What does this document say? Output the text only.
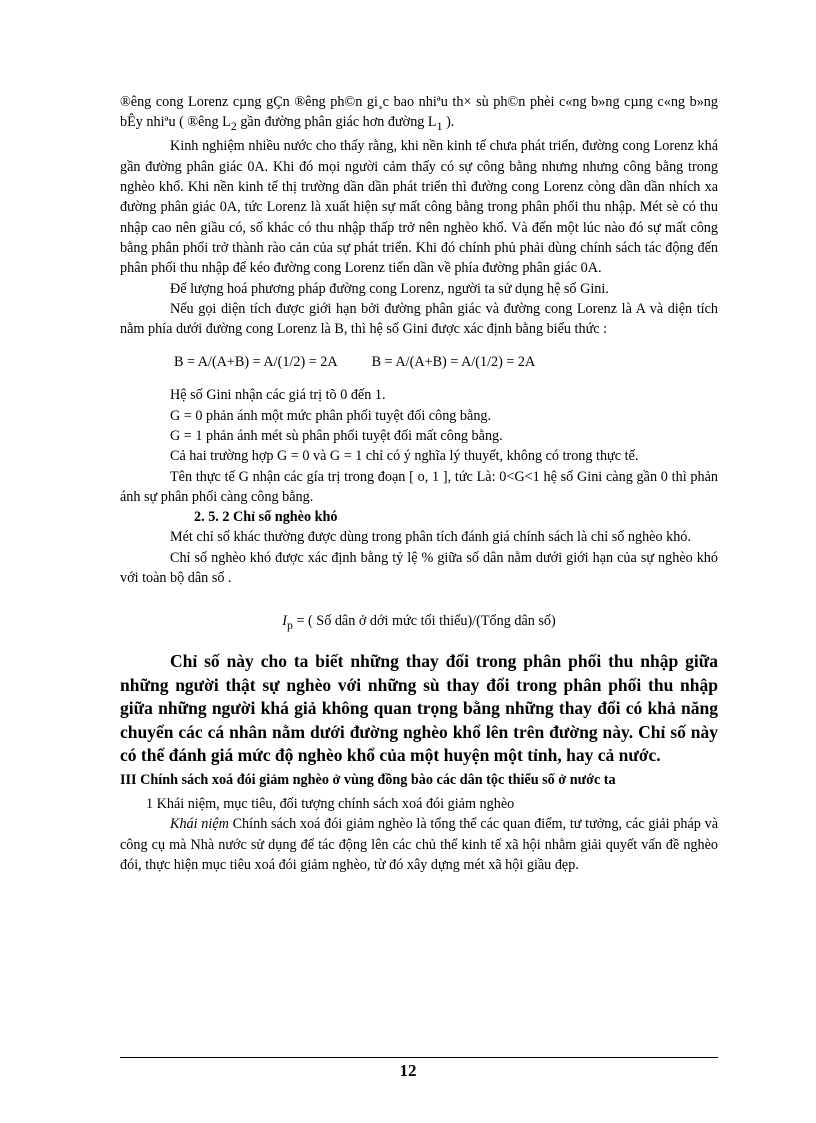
®êng cong Lorenz cµng gÇn ®êng ph©n gi¸c bao nhiªu th× sù ph©n phèi c«ng b»ng cµng c«ng b»ng bÊy nhiªu ( ®êng $L_2$ gần đường phân giác hơn đường $L_1$ ).

Kinh nghiệm nhiều nước cho thấy rằng, khi nền kinh tế chưa phát triển, đường cong Lorenz khá gần đường phân giác 0A. Khi đó mọi người cảm thấy có sự công bằng nhưng nhưng công bằng trong nghèo khổ. Khi nền kinh tế thị trường dần dần phát triển thì đường cong Lorenz còng dần dần nhích xa đường phân giác 0A, tức Lorenz là xuất hiện sự mất công bằng trong phân phối thu nhập. Mét sè có thu nhập cao nên giầu có, số khác có thu nhập thấp trở nên nghèo khổ. Và đến một lúc nào đó sự mất công bằng phân phối trở thành rào cản của sự phát triển. Khi đó chính phủ phải dùng chính sách tác động đến phân phối thu nhập để kéo đường cong Lorenz tiến dần về phía đường phân giác 0A.

Để lượng hoá phương pháp đường cong Lorenz, người ta sử dụng hệ số Gini.

Nếu gọi diện tích được giới hạn bởi đường phân giác và đường cong Lorenz là A và diện tích nằm phía dưới đường cong Lorenz là B, thì hệ số Gini được xác định bằng biểu thức :

B = A/(A+B) = A/(1/2) = 2A B = A/(A+B) = A/(1/2) = 2A

Hệ số Gini nhận các giá trị tõ 0 đến 1.

G = 0 phản ánh một mức phân phối tuyệt đối công bằng.

G = 1 phản ánh mét sù phân phối tuyệt đối mất công bằng.

Cả hai trường hợp G = 0 và G = 1 chỉ có ý nghĩa lý thuyết, không có trong thực tế.

Tên thực tế G nhận các gía trị trong đoạn [ o, 1 ], tức Là: 0<G<1 hệ số Gini càng gần 0 thì phản ánh sự phân phối càng công bằng.

2. 5. 2 Chỉ số nghèo khó

Mét chỉ số khác thường được dùng trong phân tích đánh giá chính sách là chỉ số nghèo khó.

Chỉ số nghèo khó được xác định bằng tỷ lệ % giữa số dân nằm dưới giới hạn của sự nghèo khó với toàn bộ dân số .

$I_p$ = ( Số dân ở dới mức tối thiểu)/(Tổng dân số)

Chỉ số này cho ta biết những thay đổi trong phân phối thu nhập giữa những người thật sự nghèo với những sù thay đổi trong phân phối thu nhập giữa những người khá giả không quan trọng bằng những thay đổi có khả năng chuyển các cá nhân nằm dưới đường nghèo khổ lên trên đường này. Chỉ số này có thể đánh giá mức độ nghèo khổ của một huyện một tỉnh, hay cả nước.

III Chính sách xoá đói giảm nghèo ở vùng đồng bào các dân tộc thiểu số ở nước ta

1 Khái niệm, mục tiêu, đối tượng chính sách xoá đói giảm nghèo

Khái niệm Chính sách xoá đói giảm nghèo là tổng thể các quan điểm, tư tưởng, các giải pháp và công cụ mà Nhà nước sử dụng để tác động lên các chủ thể kinh tế xã hội nhằm giải quyết vấn đề nghèo đói, thực hiện mục tiêu xoá đói giảm nghèo, từ đó xây dựng mét xã hội giầu đẹp.

12
